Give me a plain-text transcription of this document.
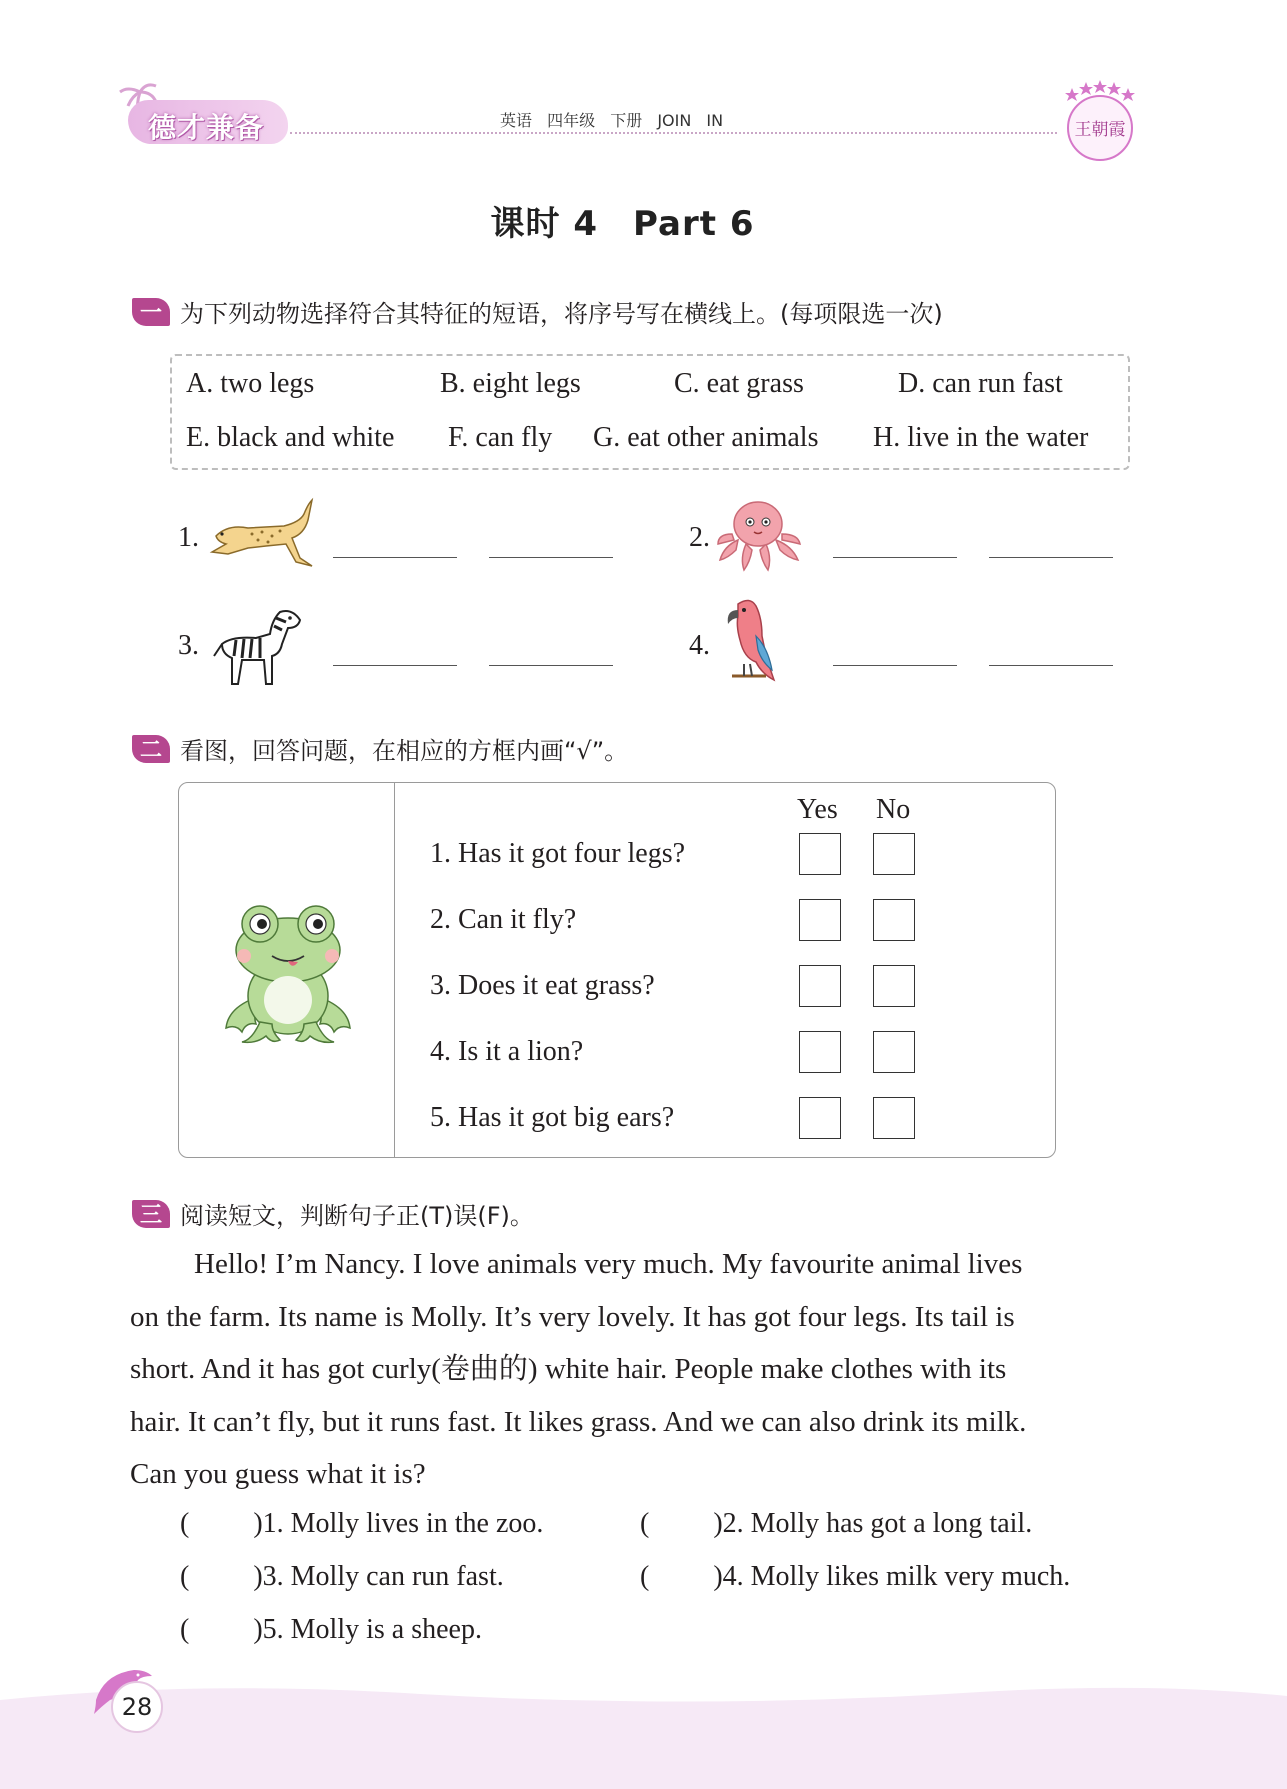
德才兼备	英语 四年级 下册 JOIN IN	王朝霞
课时 4　Part 6
一 为下列动物选择符合其特征的短语，将序号写在横线上。(每项限选一次)
A. two legs	B. eight legs	C. eat grass	D. can run fast
E. black and white F. can fly G. eat other animals H. live in the water
1.	2.
3.	4.
二 看图，回答问题，在相应的方框内画“√”。
Yes No
1. Has it got four legs?
2. Can it fly?
3. Does it eat grass?
4. Is it a lion?
5. Has it got big ears?
三 阅读短文，判断句子正(T)误(F)。
Hello! I’m Nancy. I love animals very much. My favourite animal lives
on the farm. Its name is Molly. It’s very lovely. It has got four legs. Its tail is
short. And it has got curly(卷曲的) white hair. People make clothes with its
hair. It can’t fly, but it runs fast. It likes grass. And we can also drink its milk.
Can you guess what it is?
( )1. Molly lives in the zoo.	( )2. Molly has got a long tail.
( )3. Molly can run fast.	( )4. Molly likes milk very much.
( )5. Molly is a sheep.
28
